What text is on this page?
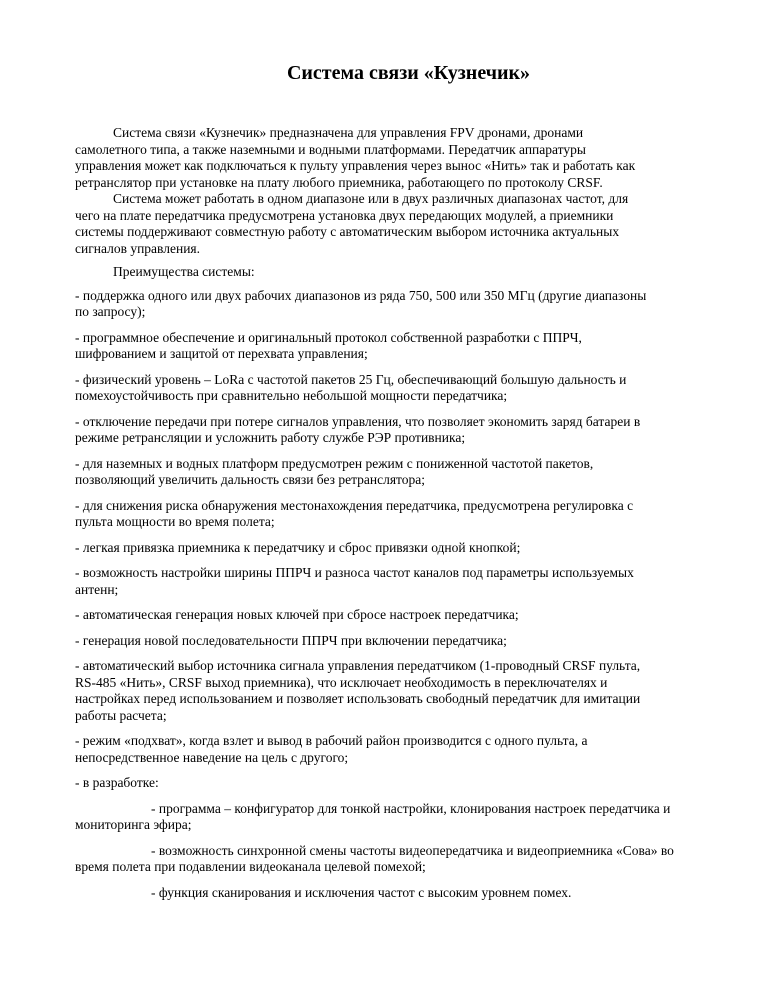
Система связи «Кузнечик»
Система связи «Кузнечик» предназначена для управления FPV дронами, дронами
самолетного типа, а также наземными и водными платформами. Передатчик аппаратуры
управления может как подключаться к пульту управления через вынос «Нить» так и работать как
ретранслятор при установке на плату любого приемника, работающего по протоколу CRSF.
Система может работать в одном диапазоне или в двух различных диапазонах частот, для
чего на плате передатчика предусмотрена установка двух передающих модулей, а приемники
системы поддерживают совместную работу с автоматическим выбором источника актуальных
сигналов управления.
Преимущества системы:
- поддержка одного или двух рабочих диапазонов из ряда 750, 500 или 350 МГц (другие диапазоны
по запросу);
- программное обеспечение и оригинальный протокол собственной разработки с ППРЧ,
шифрованием и защитой от перехвата управления;
- физический уровень – LoRa с частотой пакетов 25 Гц, обеспечивающий большую дальность и
помехоустойчивость при сравнительно небольшой мощности передатчика;
- отключение передачи при потере сигналов управления, что позволяет экономить заряд батареи в
режиме ретрансляции и усложнить работу службе РЭР противника;
- для наземных и водных платформ предусмотрен режим с пониженной частотой пакетов,
позволяющий увеличить дальность связи без ретранслятора;
- для снижения риска обнаружения местонахождения передатчика, предусмотрена регулировка с
пульта мощности во время полета;
- легкая привязка приемника к передатчику и сброс привязки одной кнопкой;
- возможность настройки ширины ППРЧ и разноса частот каналов под параметры используемых
антенн;
- автоматическая генерация новых ключей при сбросе настроек передатчика;
- генерация новой последовательности ППРЧ при включении передатчика;
- автоматический выбор источника сигнала управления передатчиком (1-проводный CRSF пульта,
RS-485 «Нить», CRSF выход приемника), что исключает необходимость в переключателях и
настройках перед использованием и позволяет использовать свободный передатчик для имитации
работы расчета;
- режим «подхват», когда взлет и вывод в рабочий район производится с одного пульта, а
непосредственное наведение на цель с другого;
- в разработке:
- программа – конфигуратор для тонкой настройки, клонирования настроек передатчика и
мониторинга эфира;
- возможность синхронной смены частоты видеопередатчика и видеоприемника «Сова» во
время полета при подавлении видеоканала целевой помехой;
- функция сканирования и исключения частот с высоким уровнем помех.
